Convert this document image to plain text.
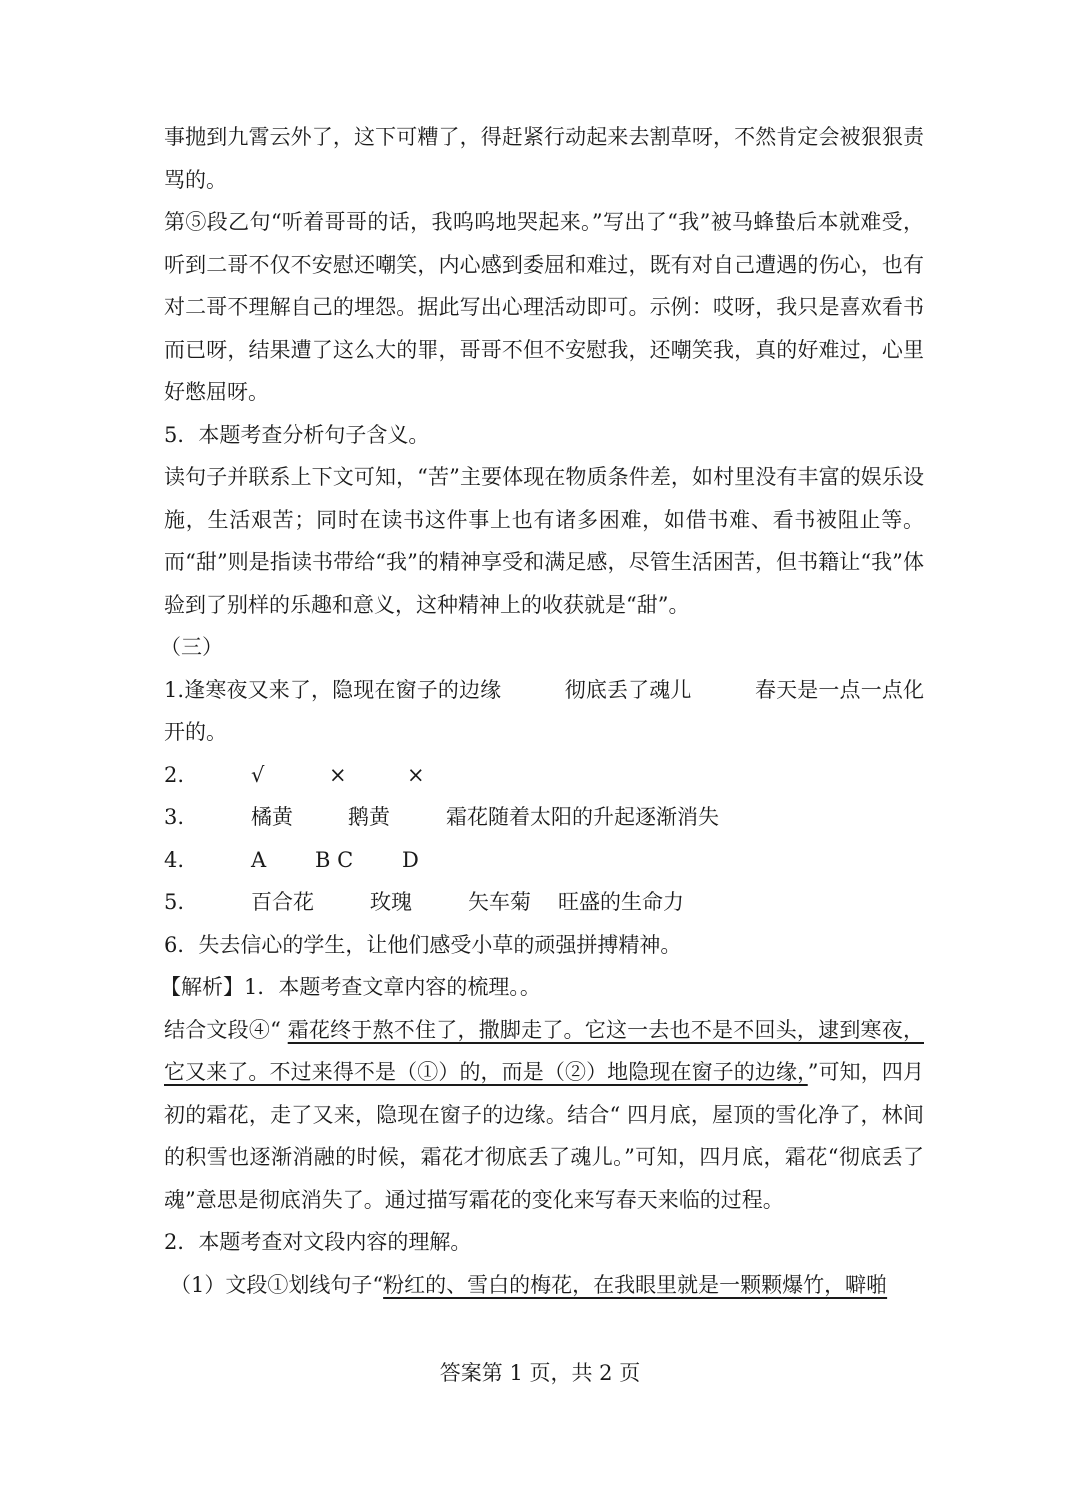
事抛到九霄云外了，这下可糟了，得赶紧行动起来去割草呀，不然肯定会被狠狠责骂的。

第⑤段乙句“听着哥哥的话，我呜呜地哭起来。”写出了“我”被马蜂蛰后本就难受，听到二哥不仅不安慰还嘲笑，内心感到委屈和难过，既有对自己遭遇的伤心，也有对二哥不理解自己的埋怨。据此写出心理活动即可。示例：哎呀，我只是喜欢看书而已呀，结果遭了这么大的罪，哥哥不但不安慰我，还嘲笑我，真的好难过，心里好憋屈呀。

5．本题考查分析句子含义。

读句子并联系上下文可知，“苦”主要体现在物质条件差，如村里没有丰富的娱乐设施，生活艰苦；同时在读书这件事上也有诸多困难，如借书难、看书被阻止等。而“甜”则是指读书带给“我”的精神享受和满足感，尽管生活困苦，但书籍让“我”体验到了别样的乐趣和意义，这种精神上的收获就是“甜”。

（三）

1.逢寒夜又来了，隐现在窗子的边缘　　　彻底丢了魂儿　　　春天是一点一点化开的。

2.	√	×	×
3.	橘黄	鹅黄	霜花随着太阳的升起逐渐消失
4.	A	B C	D
5.	百合花	玫瑰	矢车菊	旺盛的生命力

6．失去信心的学生，让他们感受小草的顽强拼搏精神。

【解析】1．本题考查文章内容的梳理。。

结合文段④“ 霜花终于熬不住了，撒脚走了。它这一去也不是不回头，逮到寒夜，它又来了。不过来得不是（①）的，而是（②）地隐现在窗子的边缘，”可知，四月初的霜花，走了又来，隐现在窗子的边缘。结合“ 四月底，屋顶的雪化净了，林间的积雪也逐渐消融的时候，霜花才彻底丢了魂儿。”可知，四月底，霜花“彻底丢了魂”意思是彻底消失了。通过描写霜花的变化来写春天来临的过程。

2．本题考查对文段内容的理解。

（1）文段①划线句子“粉红的、雪白的梅花，在我眼里就是一颗颗爆竹，噼啪

答案第 1 页，共 2 页
